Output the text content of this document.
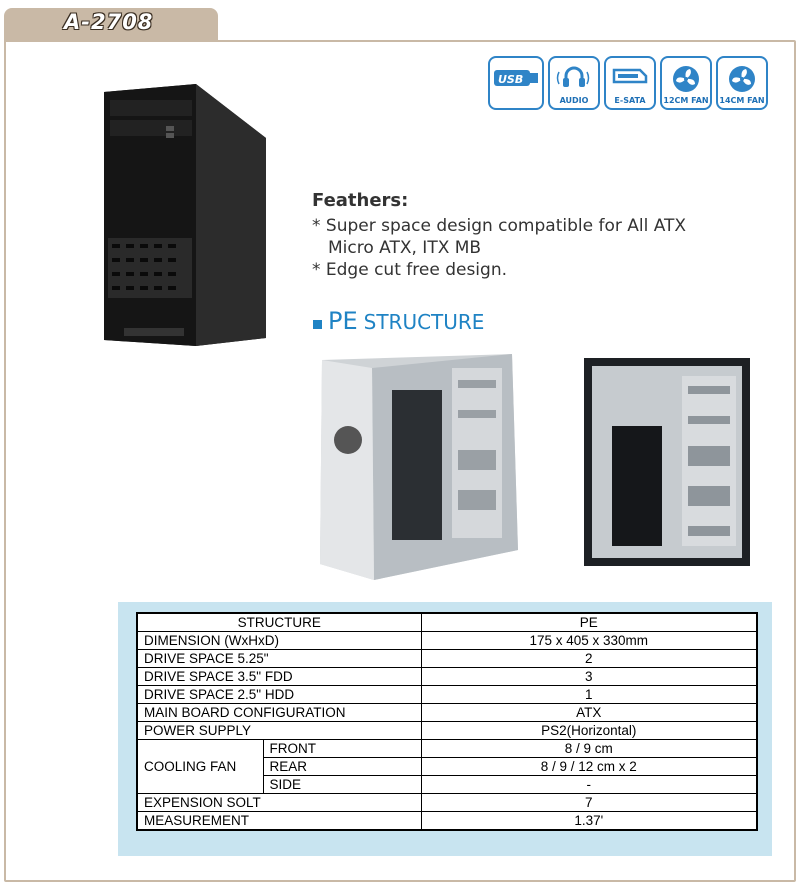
A-2708
USB
AUDIO	E-SATA	12CM FAN 14CM FAN
Feathers:
* Super space design compatible for All ATX
Micro ATX, ITX MB
* Edge cut free design.
PE STRUCTURE
STRUCTURE		PE
DIMENSION (WxHxD)		175 x 405 x 330mm
DRIVE SPACE 5.25"		2
DRIVE SPACE 3.5" FDD		3
DRIVE SPACE 2.5" HDD		1
MAIN BOARD CONFIGURATION		ATX
POWER SUPPLY		PS2(Horizontal)
COOLING FAN	FRONT	8 / 9 cm
	REAR	8 / 9 / 12 cm x 2
	SIDE	-
EXPENSION SOLT		7
MEASUREMENT		1.37'
